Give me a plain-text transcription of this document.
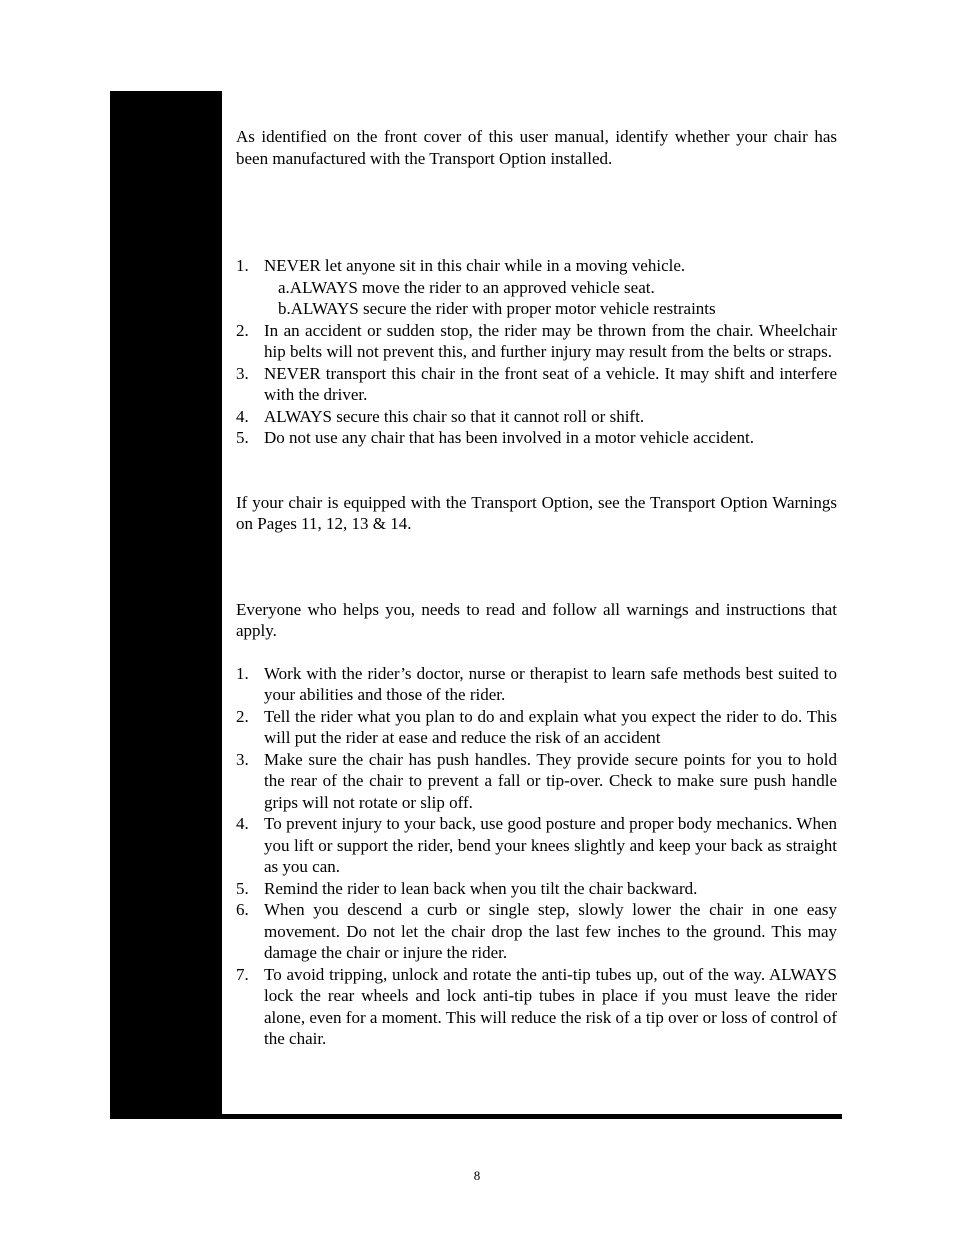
As identified on the front cover of this user manual, identify whether your chair has been manufactured with the Transport Option installed.

1. NEVER let anyone sit in this chair while in a moving vehicle.
a.ALWAYS move the rider to an approved vehicle seat.
b.ALWAYS secure the rider with proper motor vehicle restraints
2. In an accident or sudden stop, the rider may be thrown from the chair. Wheelchair hip belts will not prevent this, and further injury may result from the belts or straps.
3. NEVER transport this chair in the front seat of a vehicle. It may shift and interfere with the driver.
4. ALWAYS secure this chair so that it cannot roll or shift.
5. Do not use any chair that has been involved in a motor vehicle accident.

If your chair is equipped with the Transport Option, see the Transport Option Warnings on Pages 11, 12, 13 & 14.

Everyone who helps you, needs to read and follow all warnings and instructions that apply.

1. Work with the rider’s doctor, nurse or therapist to learn safe methods best suited to your abilities and those of the rider.
2. Tell the rider what you plan to do and explain what you expect the rider to do. This will put the rider at ease and reduce the risk of an accident
3. Make sure the chair has push handles. They provide secure points for you to hold the rear of the chair to prevent a fall or tip-over. Check to make sure push handle grips will not rotate or slip off.
4. To prevent injury to your back, use good posture and proper body mechanics. When you lift or support the rider, bend your knees slightly and keep your back as straight as you can.
5. Remind the rider to lean back when you tilt the chair backward.
6. When you descend a curb or single step, slowly lower the chair in one easy movement. Do not let the chair drop the last few inches to the ground. This may damage the chair or injure the rider.
7. To avoid tripping, unlock and rotate the anti-tip tubes up, out of the way. ALWAYS lock the rear wheels and lock anti-tip tubes in place if you must leave the rider alone, even for a moment. This will reduce the risk of a tip over or loss of control of the chair.
8
